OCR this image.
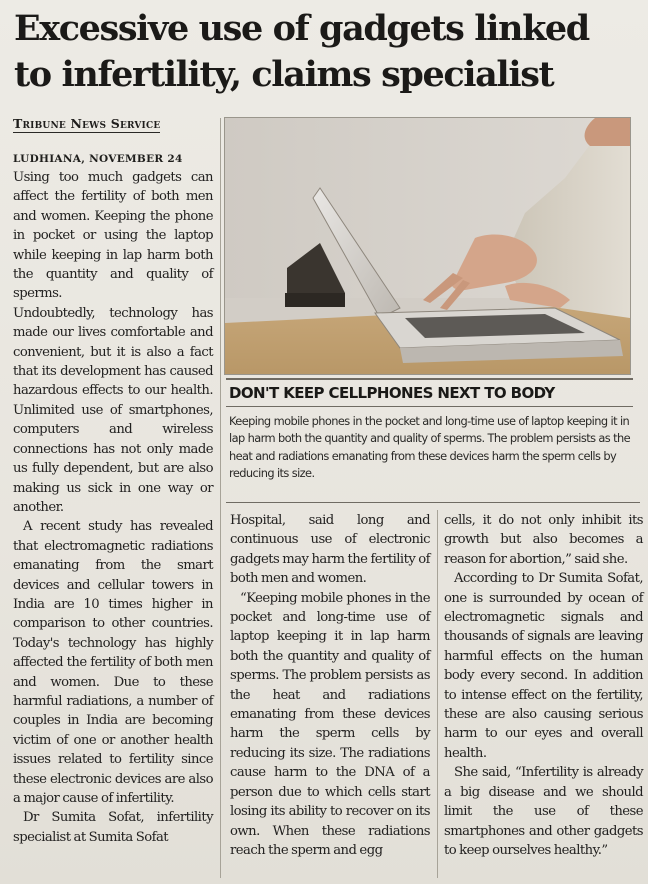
Excessive use of gadgets linked
to infertility, claims specialist
Tribune News Service
LUDHIANA, NOVEMBER 24
DON'T KEEP CELLPHONES NEXT TO BODY
Keeping mobile phones in the pocket and long-time use of laptop keeping it in lap harm both the quantity and quality of sperms. The problem persists as the heat and radiations emanating from these devices harm the sperm cells by reducing its size.

Using too much gadgets can affect the fertility of both men and women. Keeping the phone in pocket or using the laptop while keeping in lap harm both the quantity and quality of sperms.

Undoubtedly, technology has made our lives comfortable and convenient, but it is also a fact that its development has caused hazardous effects to our health. Unlimited use of smartphones, computers and wireless connections has not only made us fully dependent, but are also making us sick in one way or another.

A recent study has revealed that electromagnetic radiations emanating from the smart devices and cellular towers in India are 10 times higher in comparison to other countries. Today's technology has highly affected the fertility of both men and women. Due to these harmful radiations, a number of couples in India are becoming victim of one or another health issues related to fertility since these electronic devices are also a major cause of infertility.

Dr Sumita Sofat, infertility specialist at Sumita Sofat

Hospital, said long and continuous use of electronic gadgets may harm the fertility of both men and women.

“Keeping mobile phones in the pocket and long-time use of laptop keeping it in lap harm both the quantity and quality of sperms. The problem persists as the heat and radiations emanating from these devices harm the sperm cells by reducing its size. The radiations cause harm to the DNA of a person due to which cells start losing its ability to recover on its own. When these radiations reach the sperm and egg

cells, it do not only inhibit its growth but also becomes a reason for abortion,” said she.

According to Dr Sumita Sofat, one is surrounded by ocean of electromagnetic signals and thousands of signals are leaving harmful effects on the human body every second. In addition to intense effect on the fertility, these are also causing serious harm to our eyes and overall health.

She said, “Infertility is already a big disease and we should limit the use of these smartphones and other gadgets to keep ourselves healthy.”
